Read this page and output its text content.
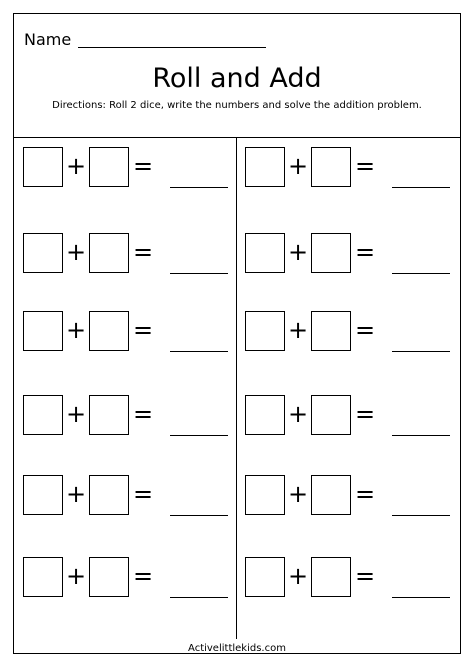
Name
Roll and Add
Directions: Roll 2 dice, write the numbers and solve the addition problem.
+ =
+ =
+ =
+ =
+ =
+ =
+ =
+ =
+ =
+ =
+ =
+ =
Activelittlekids.com
